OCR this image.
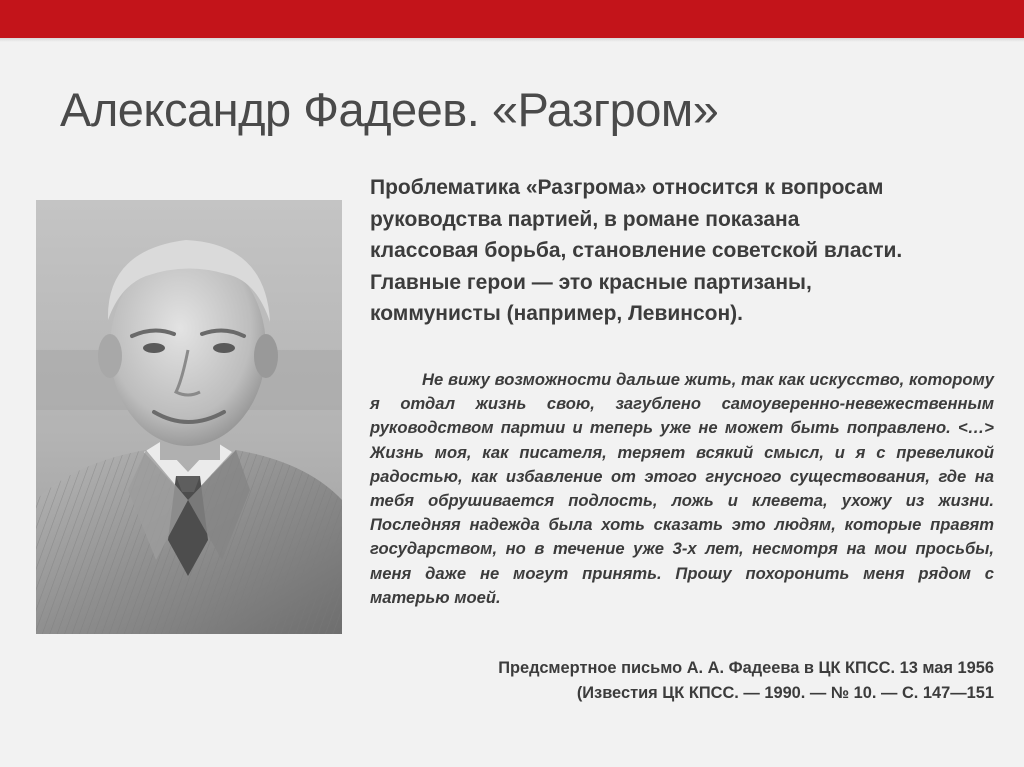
Александр Фадеев. «Разгром»

Проблематика «Разгрома» относится к вопросам руководства партией, в романе показана классовая борьба, становление советской власти. Главные герои — это красные партизаны, коммунисты (например, Левинсон).

Не вижу возможности дальше жить, так как искусство, которому я отдал жизнь свою, загублено самоуверенно-невежественным руководством партии и теперь уже не может быть поправлено. <…> Жизнь моя, как писателя, теряет всякий смысл, и я с превеликой радостью, как избавление от этого гнусного существования, где на тебя обрушивается подлость, ложь и клевета, ухожу из жизни. Последняя надежда была хоть сказать это людям, которые правят государством, но в течение уже 3-х лет, несмотря на мои просьбы, меня даже не могут принять. Прошу похоронить меня рядом с матерью моей.

Предсмертное письмо А. А. Фадеева в ЦК КПСС. 13 мая 1956
(Известия ЦК КПСС. — 1990. — № 10. — С. 147—151
